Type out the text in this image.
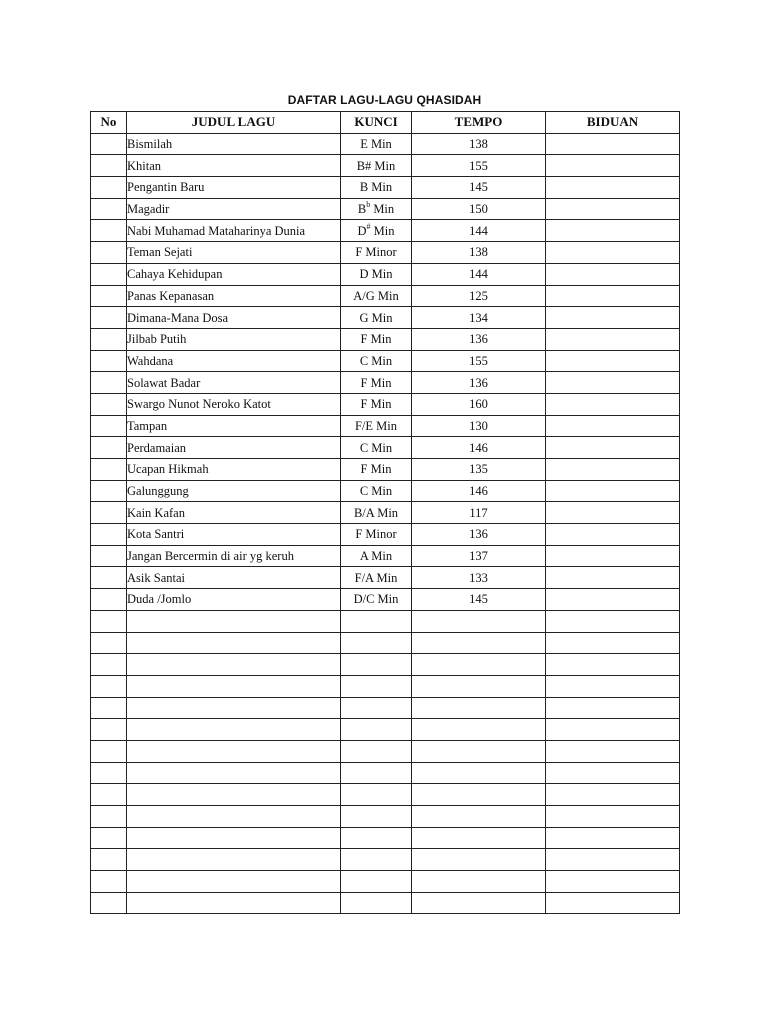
DAFTAR LAGU-LAGU QHASIDAH
No	JUDUL LAGU	KUNCI	TEMPO	BIDUAN
	Bismilah	E Min	138	
	Khitan	B# Min	155	
	Pengantin Baru	B Min	145	
	Magadir	$B^b$ Min	150	
	Nabi Muhamad Mataharinya Dunia	D# Min	144	
	Teman Sejati	F Minor	138	
	Cahaya Kehidupan	D Min	144	
	Panas Kepanasan	A/G Min	125	
	Dimana-Mana Dosa	G Min	134	
	Jilbab Putih	F Min	136	
	Wahdana	C Min	155	
	Solawat Badar	F Min	136	
	Swargo Nunot Neroko Katot	F Min	160	
	Tampan	F/E Min	130	
	Perdamaian	C Min	146	
	Ucapan Hikmah	F Min	135	
	Galunggung	C Min	146	
	Kain Kafan	B/A Min	117	
	Kota Santri	F Minor	136	
	Jangan Bercermin di air yg keruh	A Min	137	
	Asik Santai	F/A Min	133	
	Duda /Jomlo	D/C Min	145	
